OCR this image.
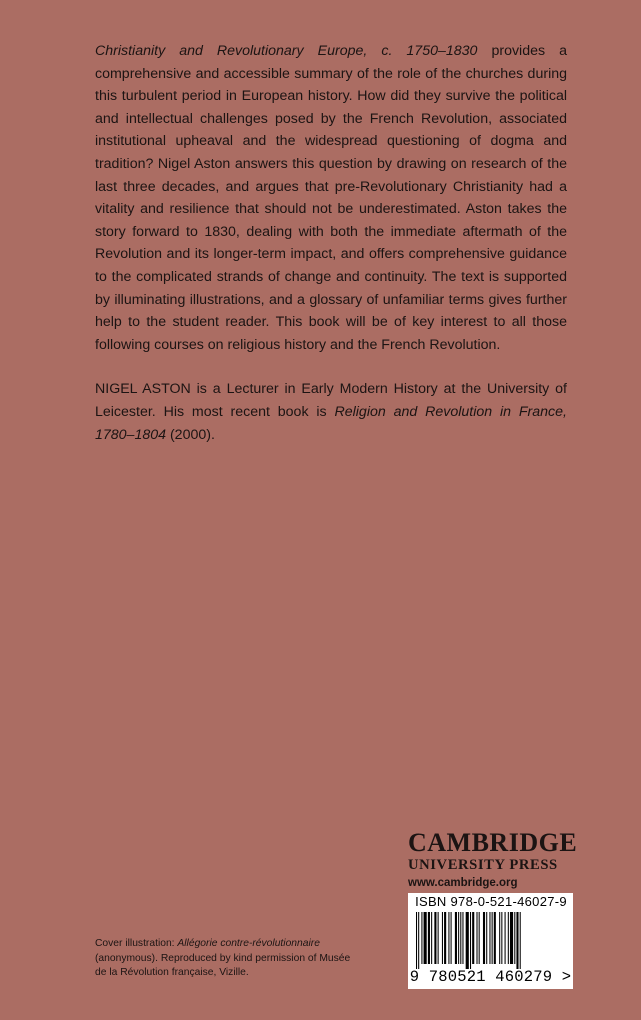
Christianity and Revolutionary Europe, c. 1750–1830 provides a comprehensive and accessible summary of the role of the churches during this turbulent period in European history. How did they survive the political and intellectual challenges posed by the French Revolution, associated institutional upheaval and the widespread questioning of dogma and tradition? Nigel Aston answers this question by drawing on research of the last three decades, and argues that pre-Revolutionary Christianity had a vitality and resilience that should not be underestimated. Aston takes the story forward to 1830, dealing with both the immediate aftermath of the Revolution and its longer-term impact, and offers comprehensive guidance to the complicated strands of change and continuity. The text is supported by illuminating illustrations, and a glossary of unfamiliar terms gives further help to the student reader. This book will be of key interest to all those following courses on religious history and the French Revolution.

NIGEL ASTON is a Lecturer in Early Modern History at the University of Leicester. His most recent book is Religion and Revolution in France, 1780–1804 (2000).

CAMBRIDGE
UNIVERSITY PRESS
www.cambridge.org
ISBN 978-0-521-46027-9
9 780521 460279 >
Cover illustration: Allégorie contre-révolutionnaire (anonymous). Reproduced by kind permission of Musée de la Révolution française, Vizille.
